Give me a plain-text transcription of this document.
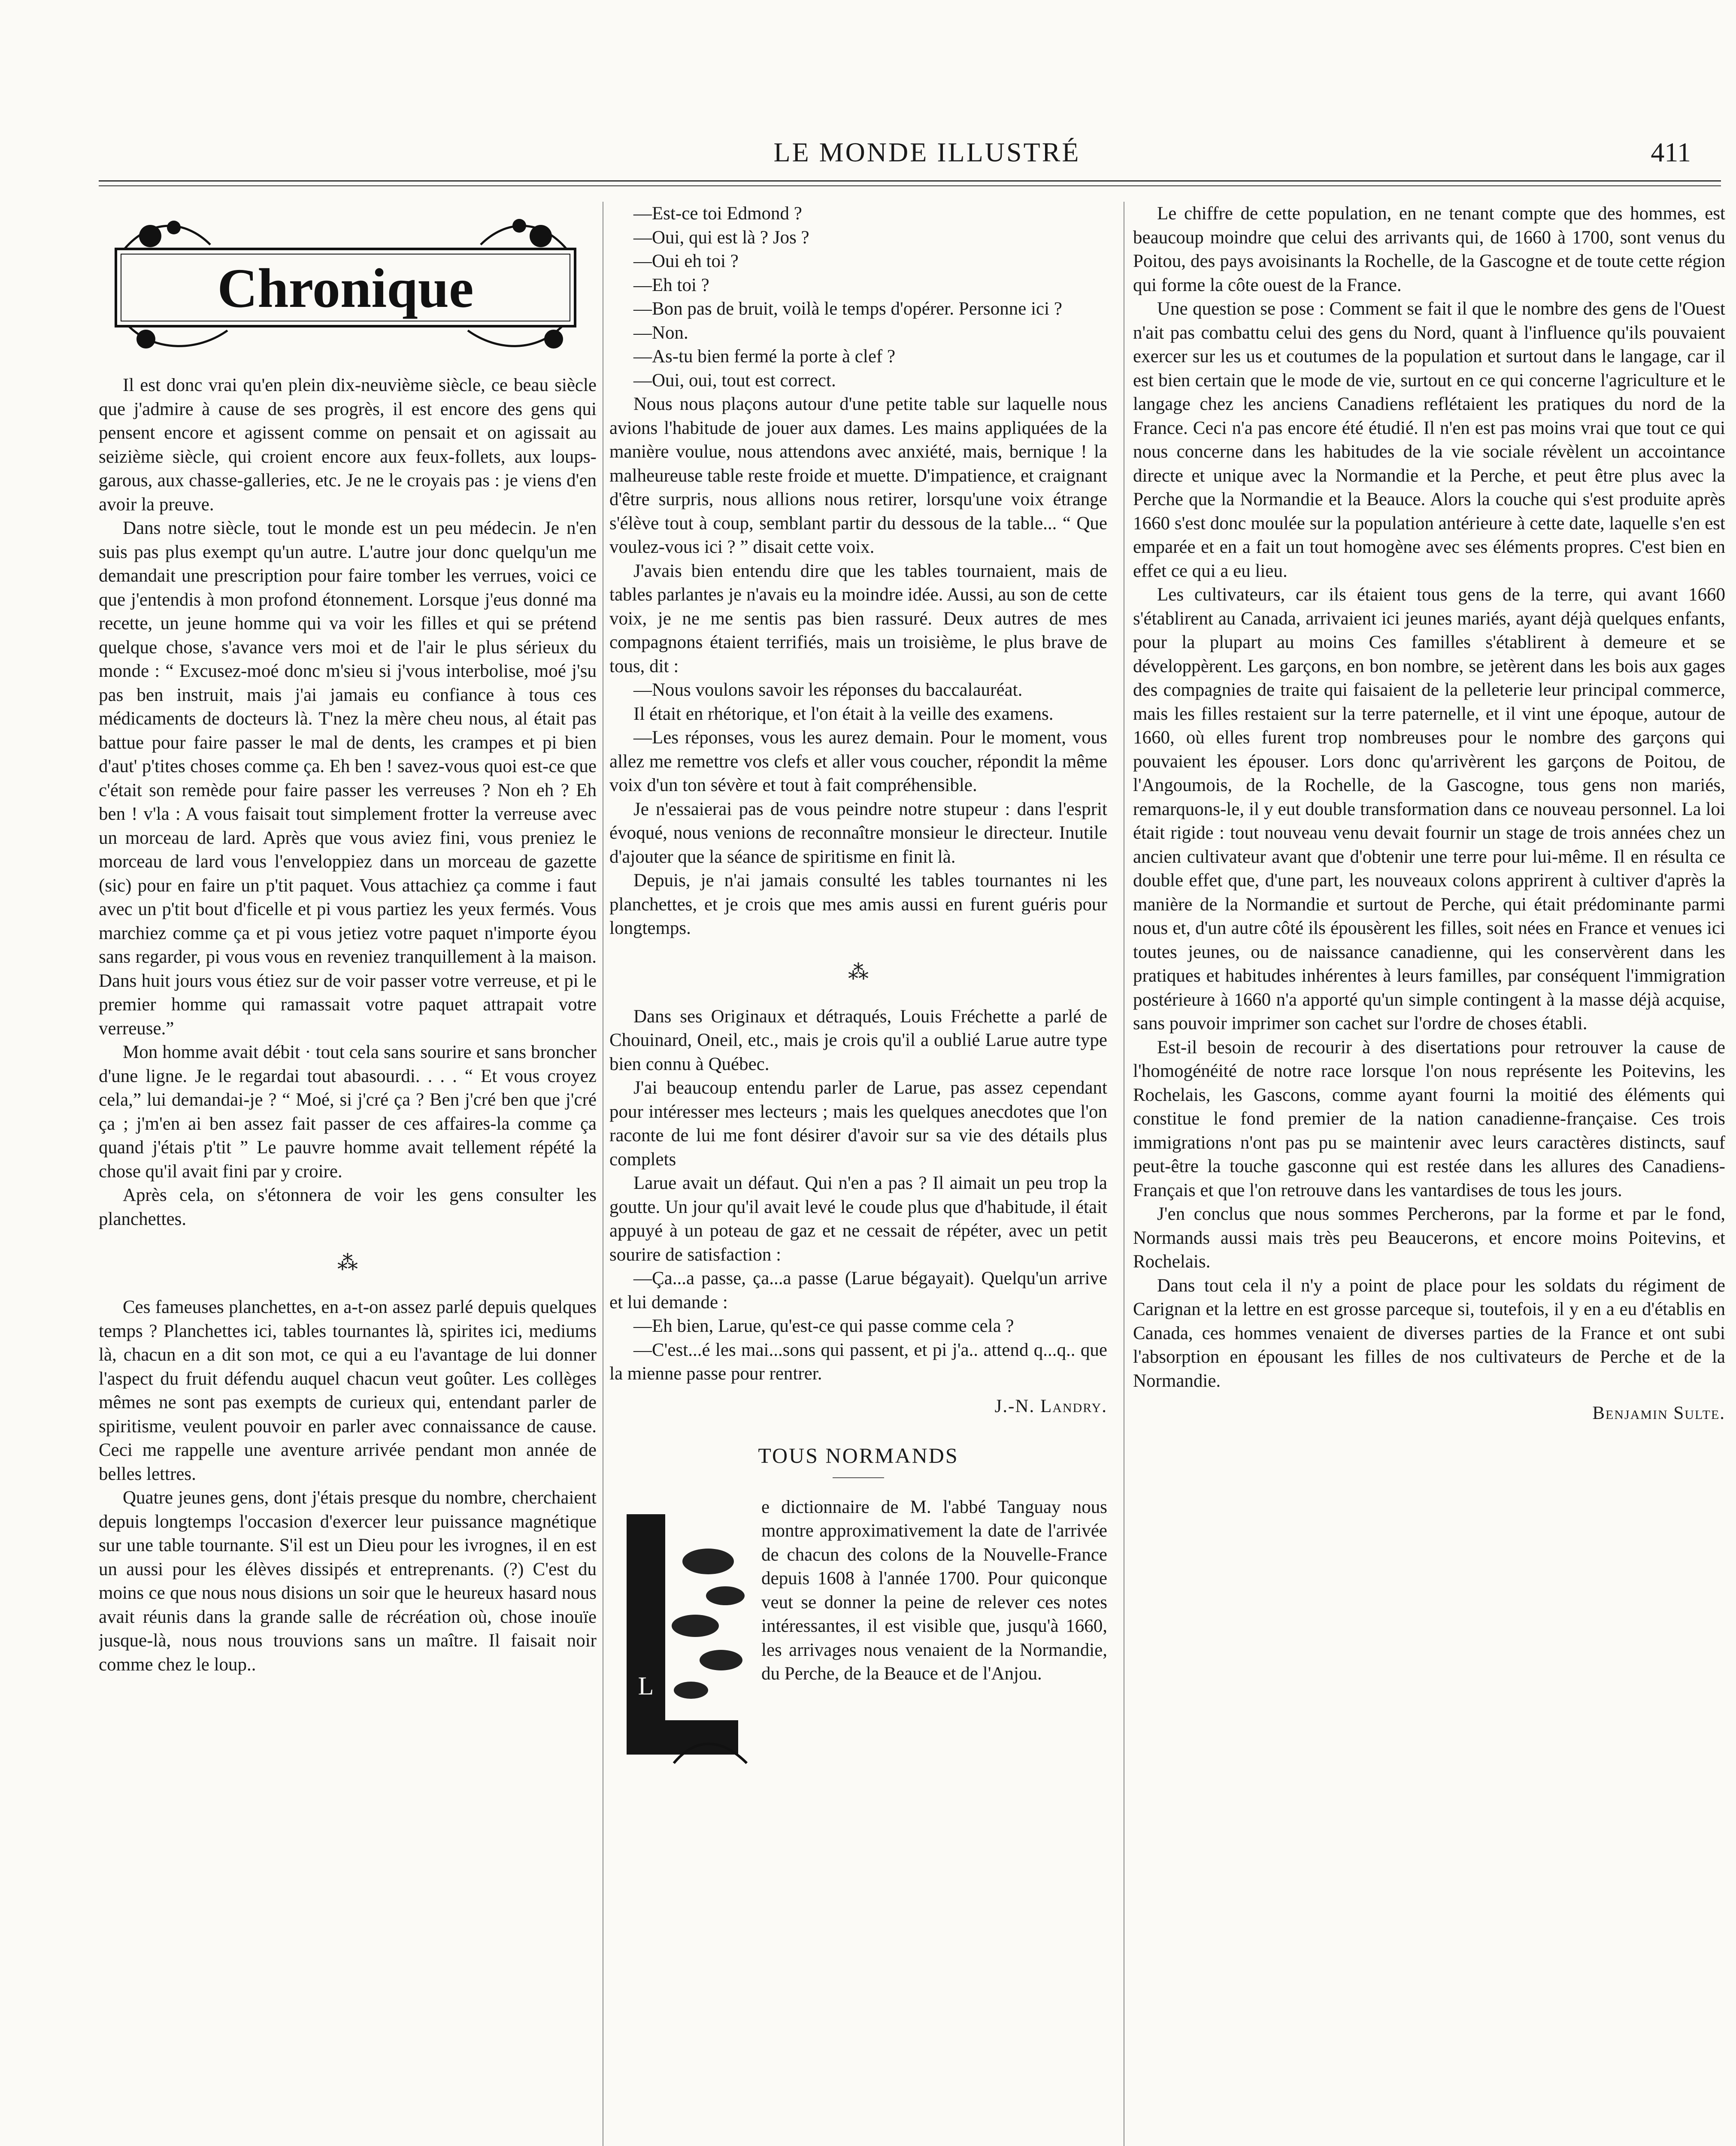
LE MONDE ILLUSTRÉ	411
Chronique

Il est donc vrai qu'en plein dix-neuvième siècle, ce beau siècle que j'admire à cause de ses progrès, il est encore des gens qui pensent encore et agissent comme on pensait et on agissait au seizième siècle, qui croient encore aux feux-follets, aux loups-garous, aux chasse-galleries, etc. Je ne le croyais pas : je viens d'en avoir la preuve.

Dans notre siècle, tout le monde est un peu médecin. Je n'en suis pas plus exempt qu'un autre. L'autre jour donc quelqu'un me demandait une prescription pour faire tomber les verrues, voici ce que j'entendis à mon profond étonnement. Lorsque j'eus donné ma recette, un jeune homme qui va voir les filles et qui se prétend quelque chose, s'avance vers moi et de l'air le plus sérieux du monde : “ Excusez-moé donc m'sieu si j'vous interbolise, moé j'su pas ben instruit, mais j'ai jamais eu confiance à tous ces médicaments de docteurs là. T'nez la mère cheu nous, al était pas battue pour faire passer le mal de dents, les crampes et pi bien d'aut' p'tites choses comme ça. Eh ben ! savez-vous quoi est-ce que c'était son remède pour faire passer les verreuses ? Non eh ? Eh ben ! v'la : A vous faisait tout simplement frotter la verreuse avec un morceau de lard. Après que vous aviez fini, vous preniez le morceau de lard vous l'enveloppiez dans un morceau de gazette (sic) pour en faire un p'tit paquet. Vous attachiez ça comme i faut avec un p'tit bout d'ficelle et pi vous partiez les yeux fermés. Vous marchiez comme ça et pi vous jetiez votre paquet n'importe éyou sans regarder, pi vous vous en reveniez tranquillement à la maison. Dans huit jours vous étiez sur de voir passer votre verreuse, et pi le premier homme qui ramassait votre paquet attrapait votre verreuse.”

Mon homme avait débit · tout cela sans sourire et sans broncher d'une ligne. Je le regardai tout abasourdi. . . . “ Et vous croyez cela,” lui demandai-je ? “ Moé, si j'cré ça ? Ben j'cré ben que j'cré ça ; j'm'en ai ben assez fait passer de ces affaires-la comme ça quand j'étais p'tit ” Le pauvre homme avait tellement répété la chose qu'il avait fini par y croire.

Après cela, on s'étonnera de voir les gens consulter les planchettes.

⁂

Ces fameuses planchettes, en a-t-on assez parlé depuis quelques temps ? Planchettes ici, tables tournantes là, spirites ici, mediums là, chacun en a dit son mot, ce qui a eu l'avantage de lui donner l'aspect du fruit défendu auquel chacun veut goûter. Les collèges mêmes ne sont pas exempts de curieux qui, entendant parler de spiritisme, veulent pouvoir en parler avec connaissance de cause. Ceci me rappelle une aventure arrivée pendant mon année de belles lettres.

Quatre jeunes gens, dont j'étais presque du nombre, cherchaient depuis longtemps l'occasion d'exercer leur puissance magnétique sur une table tournante. S'il est un Dieu pour les ivrognes, il en est un aussi pour les élèves dissipés et entreprenants. (?) C'est du moins ce que nous nous disions un soir que le heureux hasard nous avait réunis dans la grande salle de récréation où, chose inouïe jusque-là, nous nous trouvions sans un maître. Il faisait noir comme chez le loup..

—Est-ce toi Edmond ?

—Oui, qui est là ? Jos ?

—Oui eh toi ?

—Eh toi ?

—Bon pas de bruit, voilà le temps d'opérer. Personne ici ?

—Non.

—As-tu bien fermé la porte à clef ?

—Oui, oui, tout est correct.

Nous nous plaçons autour d'une petite table sur laquelle nous avions l'habitude de jouer aux dames. Les mains appliquées de la manière voulue, nous attendons avec anxiété, mais, bernique ! la malheureuse table reste froide et muette. D'impatience, et craignant d'être surpris, nous allions nous retirer, lorsqu'une voix étrange s'élève tout à coup, semblant partir du dessous de la table... “ Que voulez-vous ici ? ” disait cette voix.

J'avais bien entendu dire que les tables tournaient, mais de tables parlantes je n'avais eu la moindre idée. Aussi, au son de cette voix, je ne me sentis pas bien rassuré. Deux autres de mes compagnons étaient terrifiés, mais un troisième, le plus brave de tous, dit :

—Nous voulons savoir les réponses du baccalauréat.

Il était en rhétorique, et l'on était à la veille des examens.

—Les réponses, vous les aurez demain. Pour le moment, vous allez me remettre vos clefs et aller vous coucher, répondit la même voix d'un ton sévère et tout à fait compréhensible.

Je n'essaierai pas de vous peindre notre stupeur : dans l'esprit évoqué, nous venions de reconnaître monsieur le directeur. Inutile d'ajouter que la séance de spiritisme en finit là.

Depuis, je n'ai jamais consulté les tables tournantes ni les planchettes, et je crois que mes amis aussi en furent guéris pour longtemps.

⁂

Dans ses Originaux et détraqués, Louis Fréchette a parlé de Chouinard, Oneil, etc., mais je crois qu'il a oublié Larue autre type bien connu à Québec.

J'ai beaucoup entendu parler de Larue, pas assez cependant pour intéresser mes lecteurs ; mais les quelques anecdotes que l'on raconte de lui me font désirer d'avoir sur sa vie des détails plus complets

Larue avait un défaut. Qui n'en a pas ? Il aimait un peu trop la goutte. Un jour qu'il avait levé le coude plus que d'habitude, il était appuyé à un poteau de gaz et ne cessait de répéter, avec un petit sourire de satisfaction :

—Ça...a passe, ça...a passe (Larue bégayait). Quelqu'un arrive et lui demande :

—Eh bien, Larue, qu'est-ce qui passe comme cela ?

—C'est...é les mai...sons qui passent, et pi j'a.. attend q...q.. que la mienne passe pour rentrer.

J.-N. Landry.
TOUS NORMANDS
L

e dictionnaire de M. l'abbé Tanguay nous montre approximativement la date de l'arrivée de chacun des colons de la Nouvelle-France depuis 1608 à l'année 1700. Pour quiconque veut se donner la peine de relever ces notes intéressantes, il est visible que, jusqu'à 1660, les arrivages nous venaient de la Normandie, du Perche, de la Beauce et de l'Anjou.

Le chiffre de cette population, en ne tenant compte que des hommes, est beaucoup moindre que celui des arrivants qui, de 1660 à 1700, sont venus du Poitou, des pays avoisinants la Rochelle, de la Gascogne et de toute cette région qui forme la côte ouest de la France.

Une question se pose : Comment se fait il que le nombre des gens de l'Ouest n'ait pas combattu celui des gens du Nord, quant à l'influence qu'ils pouvaient exercer sur les us et coutumes de la population et surtout dans le langage, car il est bien certain que le mode de vie, surtout en ce qui concerne l'agriculture et le langage chez les anciens Canadiens reflétaient les pratiques du nord de la France. Ceci n'a pas encore été étudié. Il n'en est pas moins vrai que tout ce qui nous concerne dans les habitudes de la vie sociale révèlent un accointance directe et unique avec la Normandie et la Perche, et peut être plus avec la Perche que la Normandie et la Beauce. Alors la couche qui s'est produite après 1660 s'est donc moulée sur la population antérieure à cette date, laquelle s'en est emparée et en a fait un tout homogène avec ses éléments propres. C'est bien en effet ce qui a eu lieu.

Les cultivateurs, car ils étaient tous gens de la terre, qui avant 1660 s'établirent au Canada, arrivaient ici jeunes mariés, ayant déjà quelques enfants, pour la plupart au moins Ces familles s'établirent à demeure et se développèrent. Les garçons, en bon nombre, se jetèrent dans les bois aux gages des compagnies de traite qui faisaient de la pelleterie leur principal commerce, mais les filles restaient sur la terre paternelle, et il vint une époque, autour de 1660, où elles furent trop nombreuses pour le nombre des garçons qui pouvaient les épouser. Lors donc qu'arrivèrent les garçons de Poitou, de l'Angoumois, de la Rochelle, de la Gascogne, tous gens non mariés, remarquons-le, il y eut double transformation dans ce nouveau personnel. La loi était rigide : tout nouveau venu devait fournir un stage de trois années chez un ancien cultivateur avant que d'obtenir une terre pour lui-même. Il en résulta ce double effet que, d'une part, les nouveaux colons apprirent à cultiver d'après la manière de la Normandie et surtout de Perche, qui était prédominante parmi nous et, d'un autre côté ils épousèrent les filles, soit nées en France et venues ici toutes jeunes, ou de naissance canadienne, qui les conservèrent dans les pratiques et habitudes inhérentes à leurs familles, par conséquent l'immigration postérieure à 1660 n'a apporté qu'un simple contingent à la masse déjà acquise, sans pouvoir imprimer son cachet sur l'ordre de choses établi.

Est-il besoin de recourir à des disertations pour retrouver la cause de l'homogénéité de notre race lorsque l'on nous représente les Poitevins, les Rochelais, les Gascons, comme ayant fourni la moitié des éléments qui constitue le fond premier de la nation canadienne-française. Ces trois immigrations n'ont pas pu se maintenir avec leurs caractères distincts, sauf peut-être la touche gasconne qui est restée dans les allures des Canadiens-Français et que l'on retrouve dans les vantardises de tous les jours.

J'en conclus que nous sommes Percherons, par la forme et par le fond, Normands aussi mais très peu Beaucerons, et encore moins Poitevins, et Rochelais.

Dans tout cela il n'y a point de place pour les soldats du régiment de Carignan et la lettre en est grosse parceque si, toutefois, il y en a eu d'établis en Canada, ces hommes venaient de diverses parties de la France et ont subi l'absorption en épousant les filles de nos cultivateurs de Perche et de la Normandie.

Benjamin Sulte.
